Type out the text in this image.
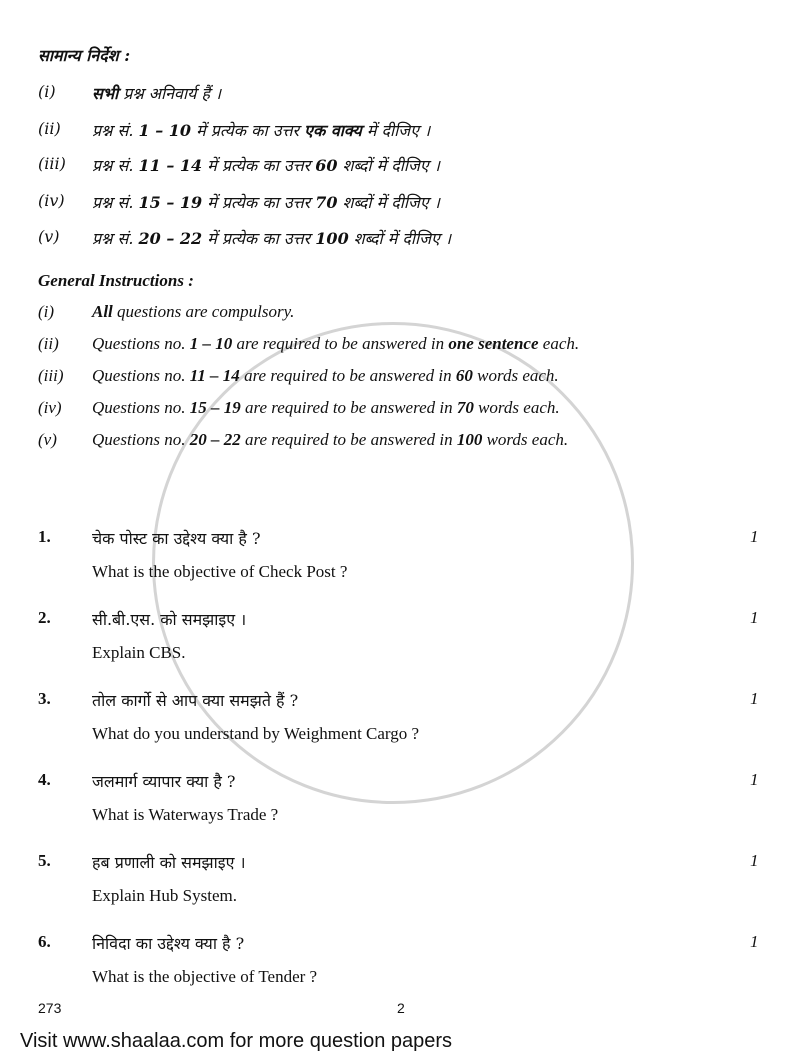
सामान्य निर्देश :
(i) सभी प्रश्न अनिवार्य हैं ।
(ii) प्रश्न सं. 1 – 10 में प्रत्येक का उत्तर एक वाक्य में दीजिए ।
(iii) प्रश्न सं. 11 – 14 में प्रत्येक का उत्तर 60 शब्दों में दीजिए ।
(iv) प्रश्न सं. 15 – 19 में प्रत्येक का उत्तर 70 शब्दों में दीजिए ।
(v) प्रश्न सं. 20 – 22 में प्रत्येक का उत्तर 100 शब्दों में दीजिए ।
General Instructions :
(i) All questions are compulsory.
(ii) Questions no. 1 – 10 are required to be answered in one sentence each.
(iii) Questions no. 11 – 14 are required to be answered in 60 words each.
(iv) Questions no. 15 – 19 are required to be answered in 70 words each.
(v) Questions no. 20 – 22 are required to be answered in 100 words each.
1.	चेक पोस्ट का उद्देश्य क्या है ?	1
What is the objective of Check Post ?
2.	सी.बी.एस. को समझाइए ।	1
Explain CBS.
3.	तोल कार्गो से आप क्या समझते हैं ?	1
What do you understand by Weighment Cargo ?
4.	जलमार्ग व्यापार क्या है ?	1
What is Waterways Trade ?
5.	हब प्रणाली को समझाइए ।	1
Explain Hub System.
6.	निविदा का उद्देश्य क्या है ?	1
What is the objective of Tender ?
273	2
Visit www.shaalaa.com for more question papers
